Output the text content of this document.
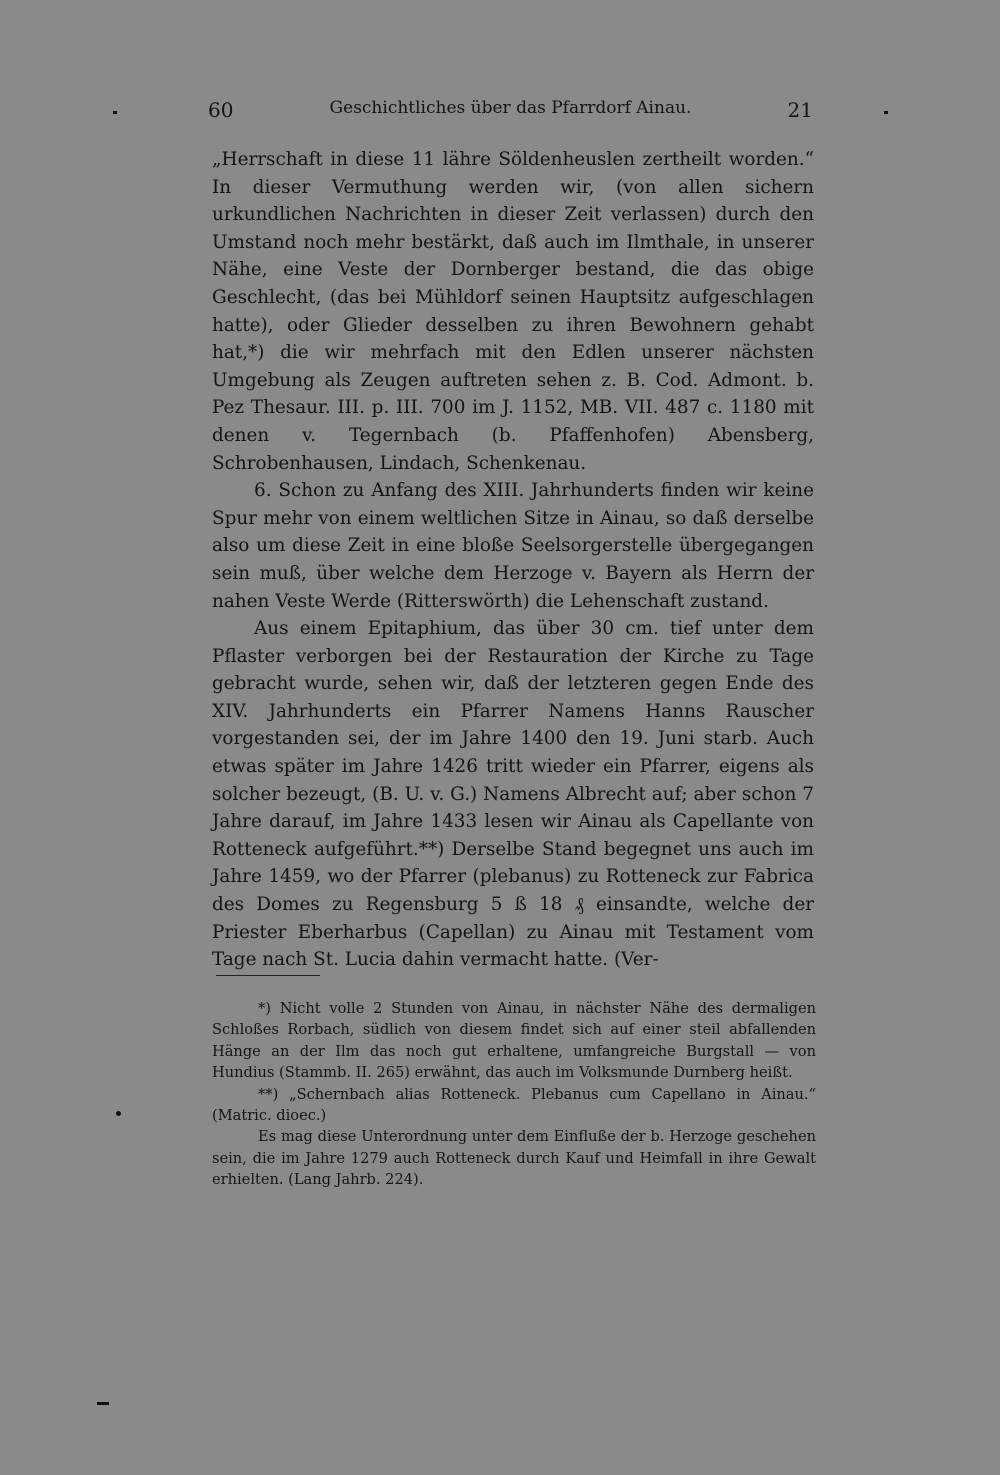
60	Geschichtliches über das Pfarrdorf Ainau.	21

„Herrschaft in diese 11 lähre Söldenheuslen zertheilt worden.“ In dieser Vermuthung werden wir, (von allen sichern urkundlichen Nachrichten in dieser Zeit verlassen) durch den Umstand noch mehr bestärkt, daß auch im Ilmthale, in unserer Nähe, eine Veste der Dornberger bestand, die das obige Geschlecht, (das bei Mühldorf seinen Hauptsitz aufgeschlagen hatte), oder Glieder desselben zu ihren Bewohnern gehabt hat,*) die wir mehrfach mit den Edlen unserer nächsten Umgebung als Zeugen auftreten sehen z. B. Cod. Admont. b. Pez Thesaur. III. p. III. 700 im J. 1152, MB. VII. 487 c. 1180 mit denen v. Tegernbach (b. Pfaffenhofen) Abensberg, Schrobenhausen, Lindach, Schenkenau.

6. Schon zu Anfang des XIII. Jahrhunderts finden wir keine Spur mehr von einem weltlichen Sitze in Ainau, so daß derselbe also um diese Zeit in eine bloße Seelsorgerstelle übergegangen sein muß, über welche dem Herzoge v. Bayern als Herrn der nahen Veste Werde (Ritterswörth) die Lehenschaft zustand.

Aus einem Epitaphium, das über 30 cm. tief unter dem Pflaster verborgen bei der Restauration der Kirche zu Tage gebracht wurde, sehen wir, daß der letzteren gegen Ende des XIV. Jahrhunderts ein Pfarrer Namens Hanns Rauscher vorgestanden sei, der im Jahre 1400 den 19. Juni starb. Auch etwas später im Jahre 1426 tritt wieder ein Pfarrer, eigens als solcher bezeugt, (B. U. v. G.) Namens Albrecht auf; aber schon 7 Jahre darauf, im Jahre 1433 lesen wir Ainau als Capellante von Rotteneck aufgeführt.**) Derselbe Stand begegnet uns auch im Jahre 1459, wo der Pfarrer (plebanus) zu Rotteneck zur Fabrica des Domes zu Regensburg 5 ß 18 ₰ einsandte, welche der Priester Eberharbus (Capellan) zu Ainau mit Testament vom Tage nach St. Lucia dahin vermacht hatte. (Ver-

*) Nicht volle 2 Stunden von Ainau, in nächster Nähe des dermaligen Schloßes Rorbach, südlich von diesem findet sich auf einer steil abfallenden Hänge an der Ilm das noch gut erhaltene, umfangreiche Burgstall — von Hundius (Stammb. II. 265) erwähnt, das auch im Volksmunde Durnberg heißt.

**) „Schernbach alias Rotteneck. Plebanus cum Capellano in Ainau.“ (Matric. dioec.)

Es mag diese Unterordnung unter dem Einfluße der b. Herzoge geschehen sein, die im Jahre 1279 auch Rotteneck durch Kauf und Heimfall in ihre Gewalt erhielten. (Lang Jahrb. 224).
